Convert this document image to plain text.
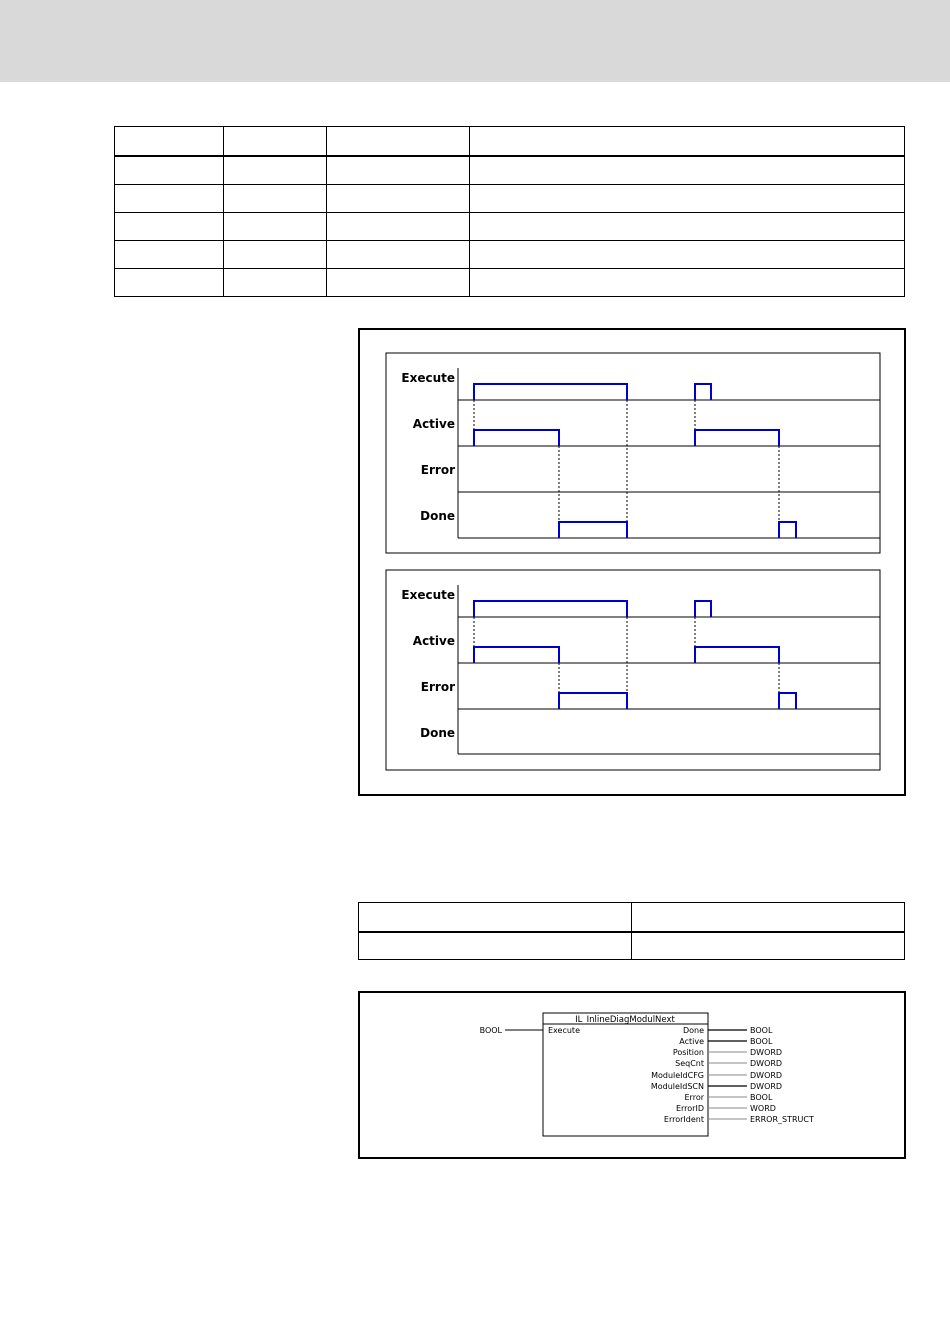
Execute
Active
Error
Done
Execute
Active
Error
Done

IL_InlineDiagModulNext
BOOL	Execute	Done	BOOL
Active	BOOL
Position	DWORD
SeqCnt	DWORD
ModuleIdCFG	DWORD
ModuleIdSCN	DWORD
Error	BOOL
ErrorID	WORD
ErrorIdent	ERROR_STRUCT
